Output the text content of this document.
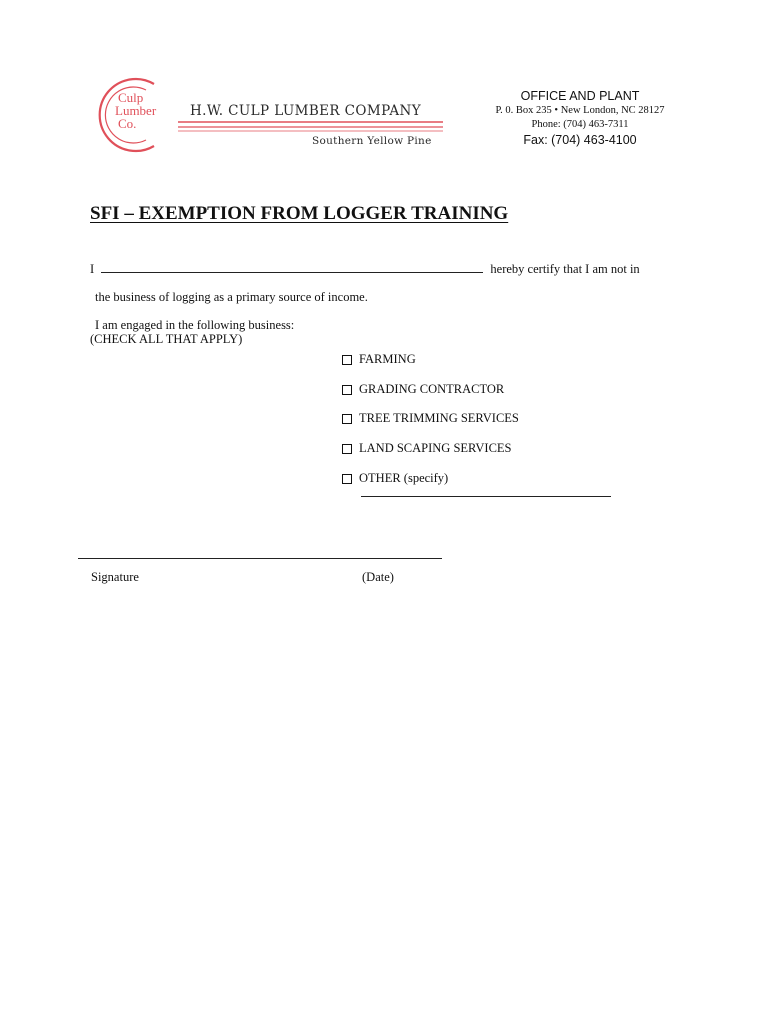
Culp
Lumber
Co.
H.W. CULP LUMBER COMPANY
Southern Yellow Pine
OFFICE AND PLANT
P. 0. Box 235 • New London, NC 28127
Phone: (704) 463-7311
Fax: (704) 463-4100
SFI – EXEMPTION FROM LOGGER TRAINING
I	hereby certify that I am not in
the business of logging as a primary source of income.
I am engaged in the following business:
(CHECK ALL THAT APPLY)
FARMING
GRADING CONTRACTOR
TREE TRIMMING SERVICES
LAND SCAPING SERVICES
OTHER (specify)
Signature	(Date)
